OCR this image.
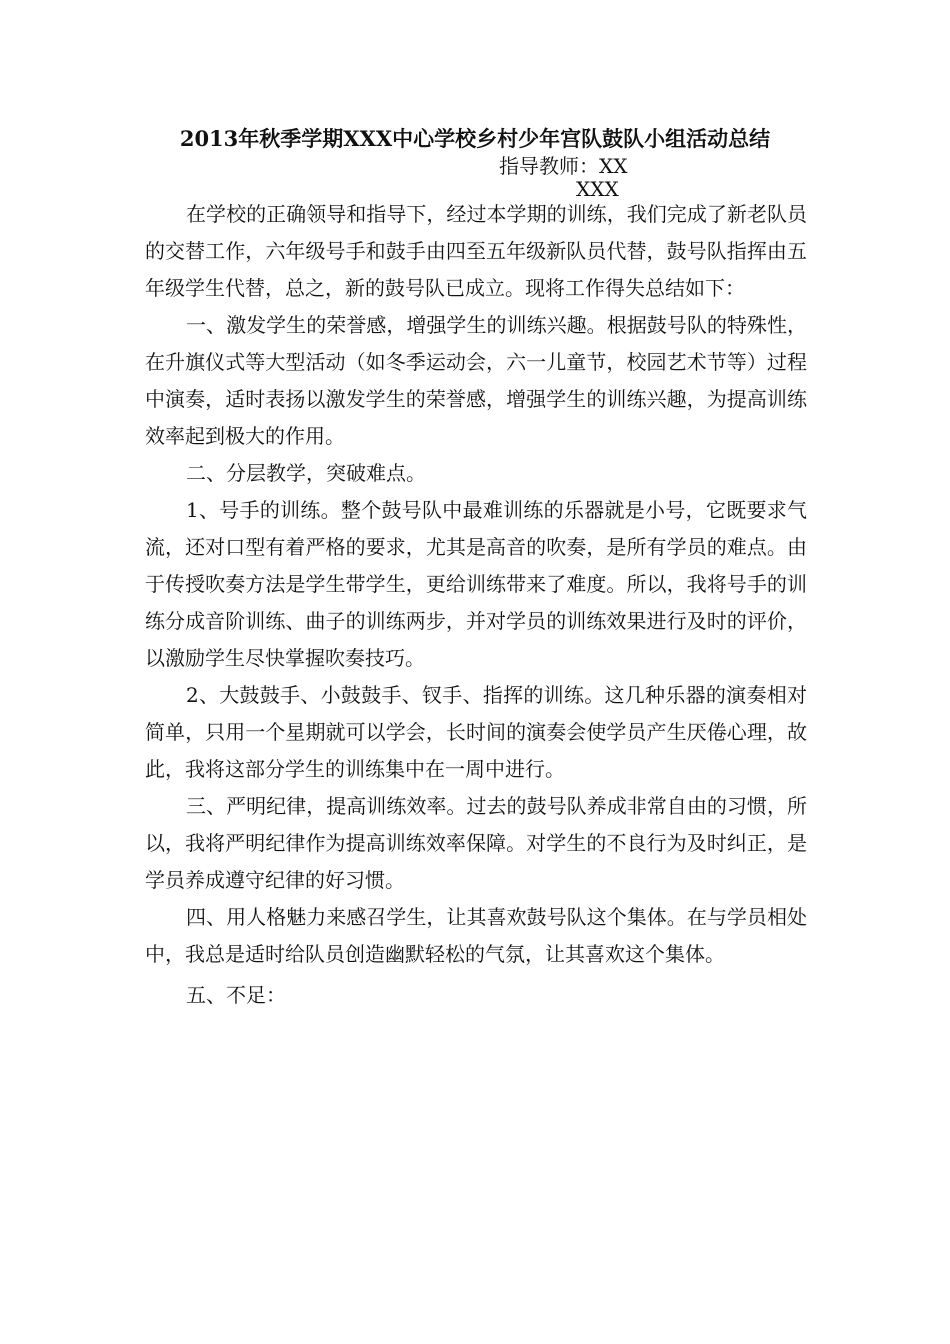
2013年秋季学期XXX中心学校乡村少年宫队鼓队小组活动总结
指导教师：XX
XXX

在学校的正确领导和指导下，经过本学期的训练，我们完成了新老队员的交替工作，六年级号手和鼓手由四至五年级新队员代替，鼓号队指挥由五年级学生代替，总之，新的鼓号队已成立。现将工作得失总结如下：

一、激发学生的荣誉感，增强学生的训练兴趣。根据鼓号队的特殊性，在升旗仪式等大型活动（如冬季运动会，六一儿童节，校园艺术节等）过程中演奏，适时表扬以激发学生的荣誉感，增强学生的训练兴趣，为提高训练效率起到极大的作用。

二、分层教学，突破难点。

1、号手的训练。整个鼓号队中最难训练的乐器就是小号，它既要求气流，还对口型有着严格的要求，尤其是高音的吹奏，是所有学员的难点。由于传授吹奏方法是学生带学生，更给训练带来了难度。所以，我将号手的训练分成音阶训练、曲子的训练两步，并对学员的训练效果进行及时的评价，以激励学生尽快掌握吹奏技巧。

2、大鼓鼓手、小鼓鼓手、钗手、指挥的训练。这几种乐器的演奏相对简单，只用一个星期就可以学会，长时间的演奏会使学员产生厌倦心理，故此，我将这部分学生的训练集中在一周中进行。

三、严明纪律，提高训练效率。过去的鼓号队养成非常自由的习惯，所以，我将严明纪律作为提高训练效率保障。对学生的不良行为及时纠正，是学员养成遵守纪律的好习惯。

四、用人格魅力来感召学生，让其喜欢鼓号队这个集体。在与学员相处中，我总是适时给队员创造幽默轻松的气氛，让其喜欢这个集体。

五、不足：
